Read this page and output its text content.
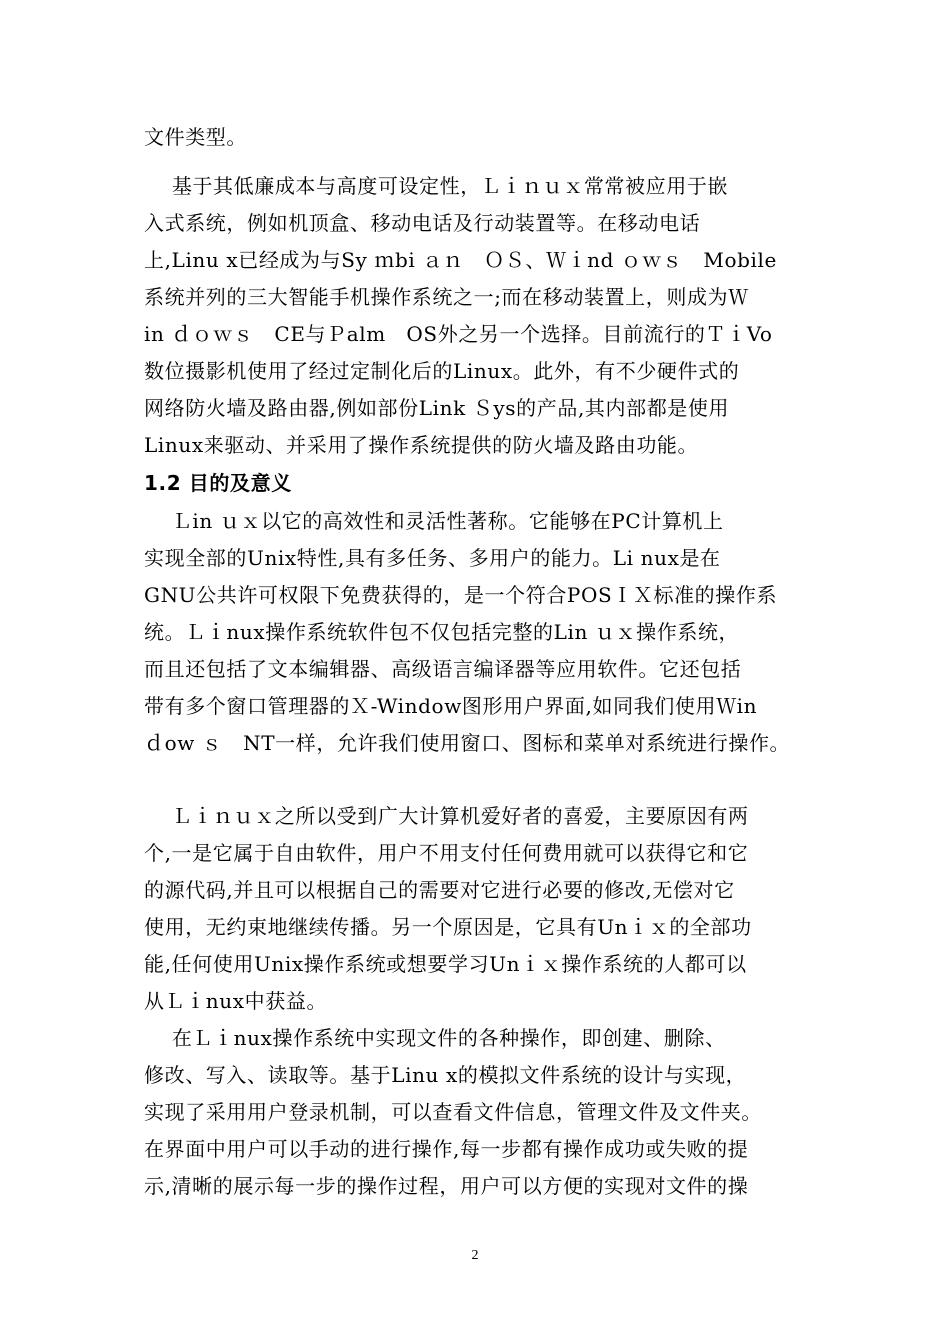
文件类型。
基于其低廉成本与高度可设定性，Ｌｉｎｕｘ常常被应用于嵌
入式系统，例如机顶盒、移动电话及行动装置等。在移动电话
上,Linu x已经成为与Sy ｍbi ａｎ　ＯＳ、Ｗｉnd ｏｗｓ　Mobile
系统并列的三大智能手机操作系统之一;而在移动装置上，则成为Ｗ
in ｄｏｗｓ　CE与Ｐalm　OS外之另一个选择。目前流行的ＴｉVo
数位摄影机使用了经过定制化后的Linux。此外，有不少硬件式的
网络防火墙及路由器,例如部份Link Ｓys的产品,其内部都是使用
Linux来驱动、并采用了操作系统提供的防火墙及路由功能。
1.2 目的及意义
Ｌin ｕｘ以它的高效性和灵活性著称。它能够在PC计算机上
实现全部的Unix特性,具有多任务、多用户的能力。Li nux是在
GNU公共许可权限下免费获得的，是一个符合POSＩＸ标准的操作系
统。Ｌｉnux操作系统软件包不仅包括完整的Lin ｕｘ操作系统，
而且还包括了文本编辑器、高级语言编译器等应用软件。它还包括
带有多个窗口管理器的Ｘ-Window图形用户界面,如同我们使用Ｗin
ｄow ｓ　NT一样，允许我们使用窗口、图标和菜单对系统进行操作。
Ｌｉｎｕｘ之所以受到广大计算机爱好者的喜爱，主要原因有两
个,一是它属于自由软件，用户不用支付任何费用就可以获得它和它
的源代码,并且可以根据自己的需要对它进行必要的修改,无偿对它
使用，无约束地继续传播。另一个原因是，它具有Unｉｘ的全部功
能,任何使用Unix操作系统或想要学习Unｉｘ操作系统的人都可以
从Ｌｉnux中获益。
在Ｌｉnux操作系统中实现文件的各种操作，即创建、删除、
修改、写入、读取等。基于Linu x的模拟文件系统的设计与实现，
实现了采用用户登录机制，可以查看文件信息，管理文件及文件夹。
在界面中用户可以手动的进行操作,每一步都有操作成功或失败的提
示,清晰的展示每一步的操作过程，用户可以方便的实现对文件的操
2
